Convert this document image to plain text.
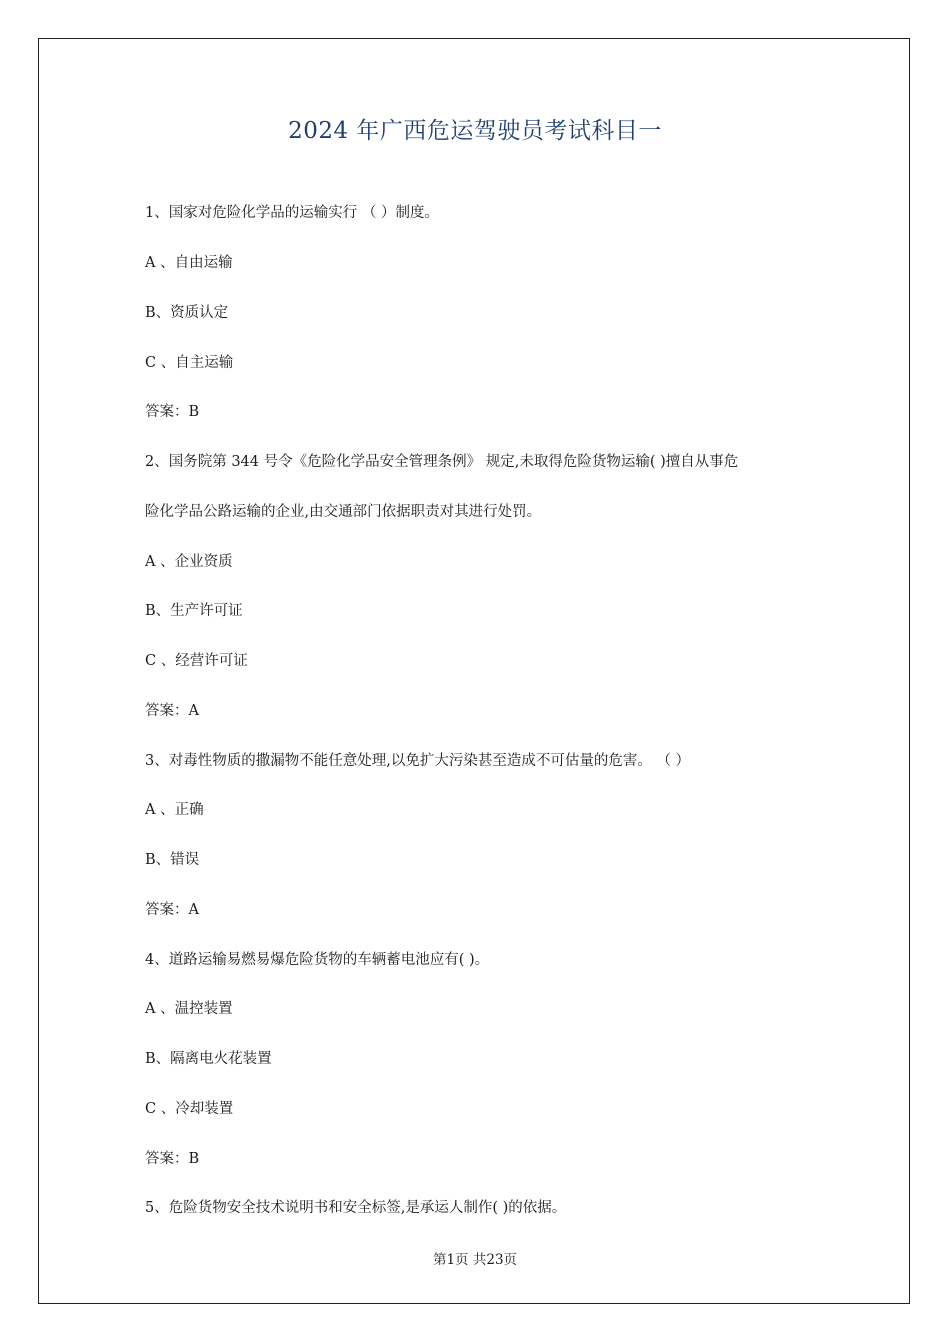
2024 年广西危运驾驶员考试科目一
1、国家对危险化学品的运输实行 （ ）制度。
A 、自由运输
B、资质认定
C 、自主运输
答案：B
2、国务院第 344 号令《危险化学品安全管理条例》 规定,未取得危险货物运输( )擅自从事危
险化学品公路运输的企业,由交通部门依据职责对其进行处罚。
A 、企业资质
B、生产许可证
C 、经营许可证
答案：A
3、对毒性物质的撒漏物不能任意处理,以免扩大污染甚至造成不可估量的危害。 （ ）
A 、正确
B、错误
答案：A
4、道路运输易燃易爆危险货物的车辆蓄电池应有( )。
A 、温控装置
B、隔离电火花装置
C 、冷却装置
答案：B
5、危险货物安全技术说明书和安全标签,是承运人制作( )的依据。
第1页 共23页
